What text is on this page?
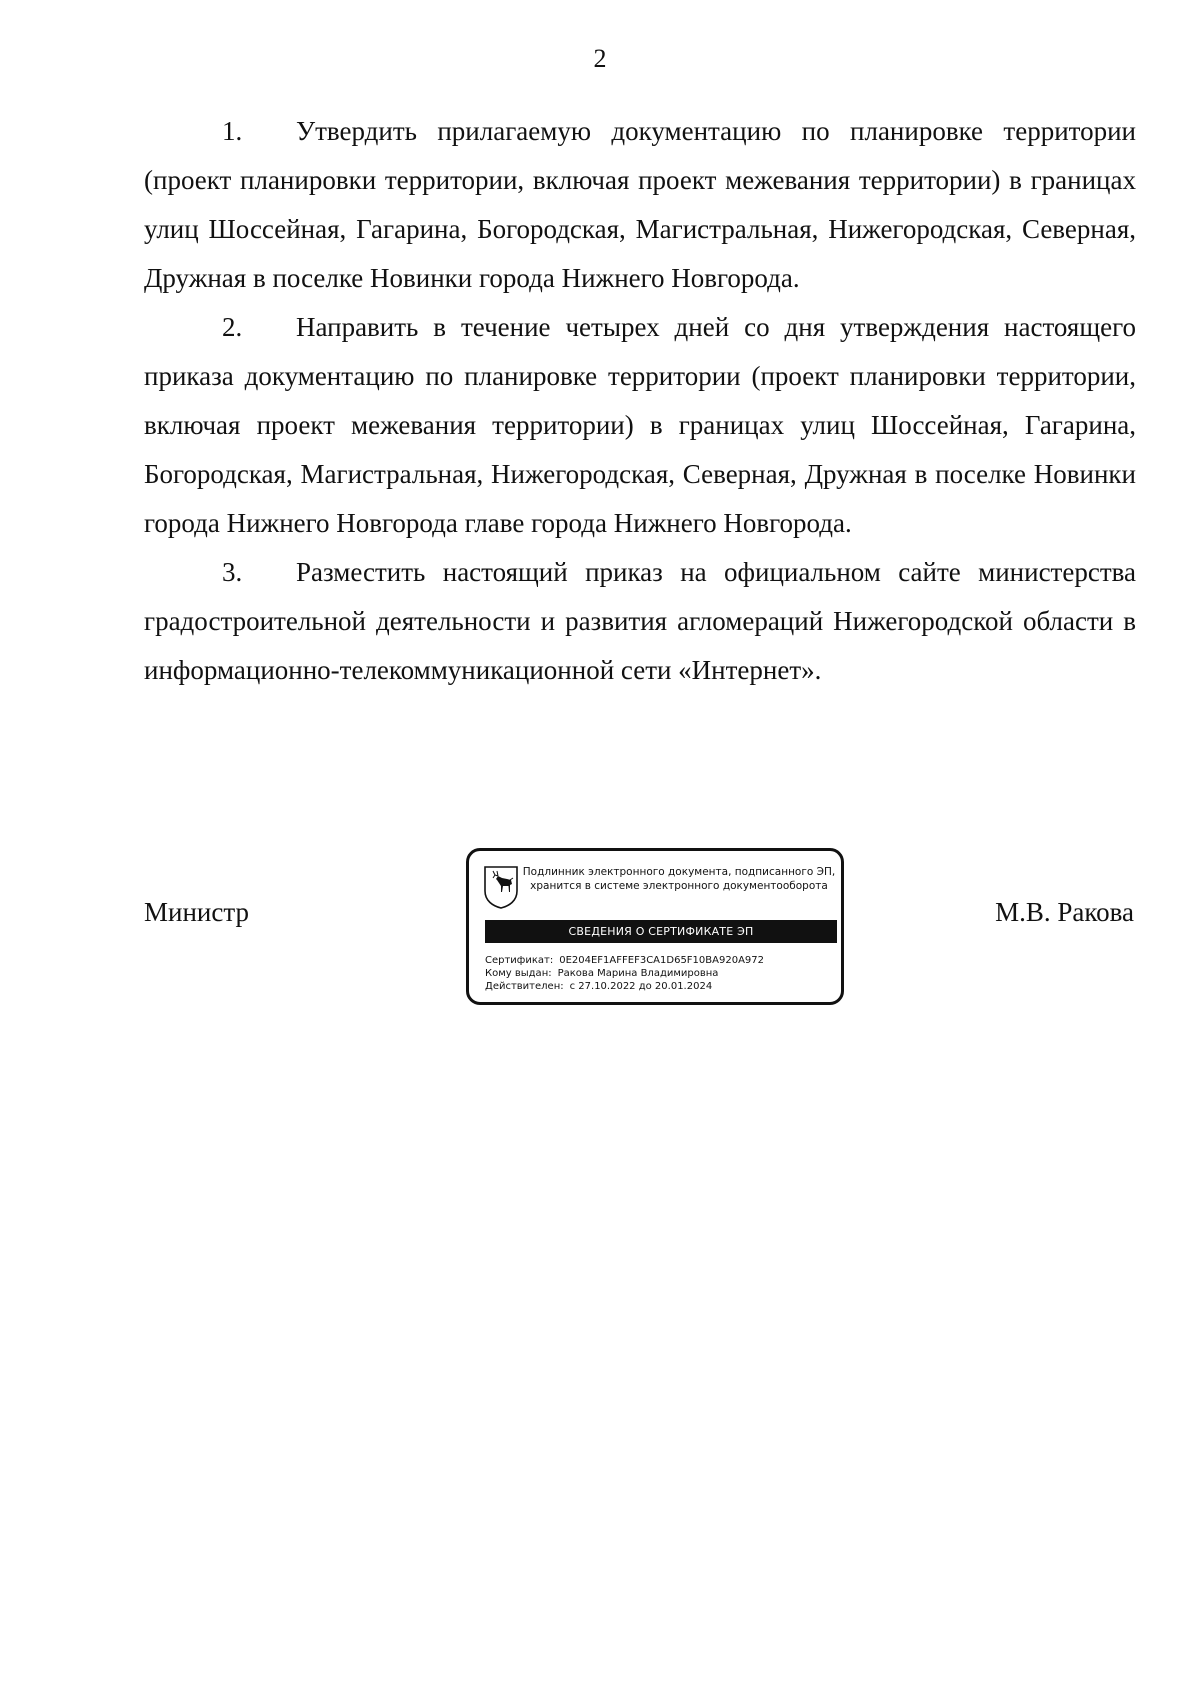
2

1. Утвердить прилагаемую документацию по планировке территории (проект планировки территории, включая проект межевания территории) в границах улиц Шоссейная, Гагарина, Богородская, Магистральная, Нижегородская, Северная, Дружная в поселке Новинки города Нижнего Новгорода.

2. Направить в течение четырех дней со дня утверждения настоящего приказа документацию по планировке территории (проект планировки территории, включая проект межевания территории) в границах улиц Шоссейная, Гагарина, Богородская, Магистральная, Нижегородская, Северная, Дружная в поселке Новинки города Нижнего Новгорода главе города Нижнего Новгорода.

3. Разместить настоящий приказ на официальном сайте министерства градостроительной деятельности и развития агломераций Нижегородской области в информационно-телекоммуникационной сети «Интернет».

Министр
Подлинник электронного документа, подписанного ЭП,
хранится в системе электронного документооборота
СВЕДЕНИЯ О СЕРТИФИКАТЕ ЭП
Сертификат: 0E204EF1AFFEF3CA1D65F10BA920A972
Кому выдан: Ракова Марина Владимировна
Действителен: с 27.10.2022 до 20.01.2024
М.В. Ракова
